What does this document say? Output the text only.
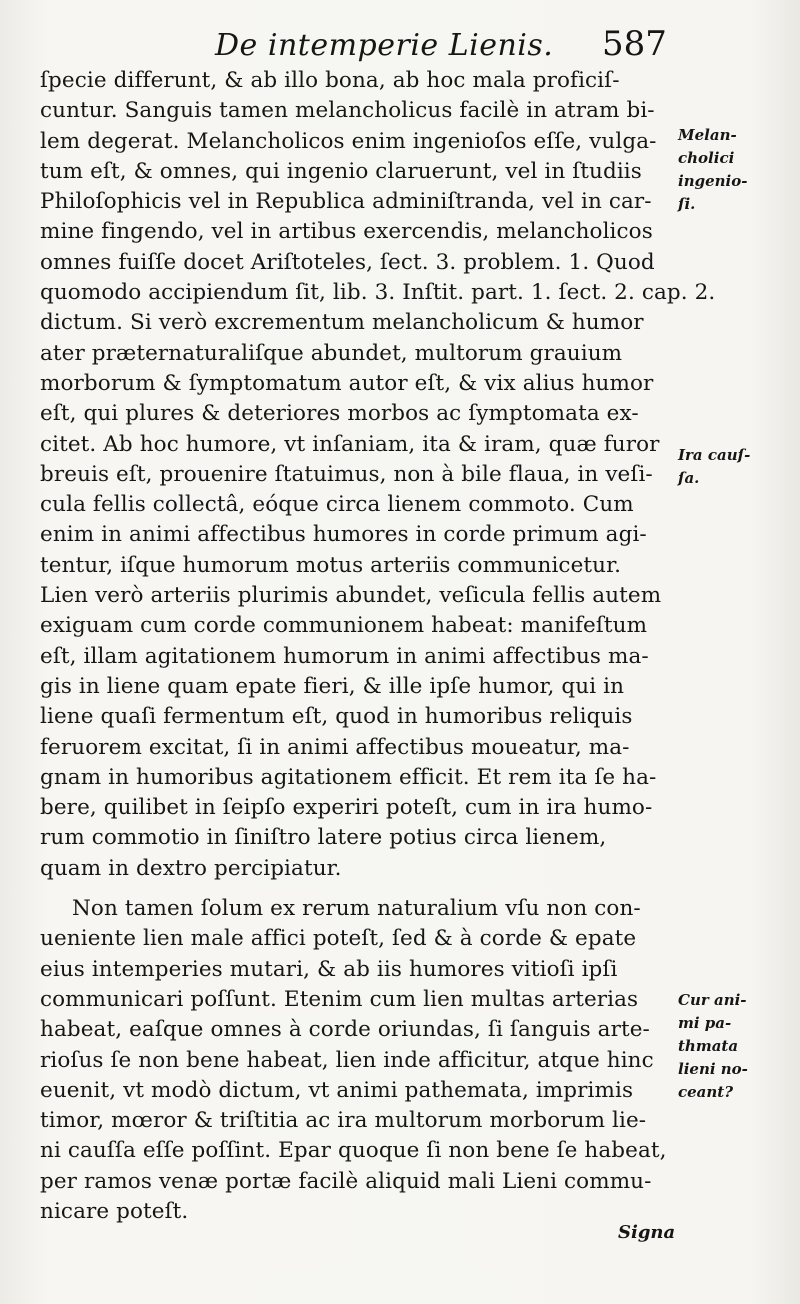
De intemperie Lienis. 587
ſpecie differunt, & ab illo bona, ab hoc mala proficiſ-
cuntur. Sanguis tamen melancholicus facilè in atram bi-
lem degerat. Melancholicos enim ingenioſos eſſe, vulga-
tum eſt, & omnes, qui ingenio claruerunt, vel in ſtudiis
Philoſophicis vel in Republica adminiſtranda, vel in car-
mine fingendo, vel in artibus exercendis, melancholicos
omnes fuiſſe docet Ariſtoteles, ſect. 3. problem. 1. Quod
quomodo accipiendum ſit, lib. 3. Inſtit. part. 1. ſect. 2. cap. 2.
dictum. Si verò excrementum melancholicum & humor
ater præternaturaliſque abundet, multorum grauium
morborum & ſymptomatum autor eſt, & vix alius humor
eſt, qui plures & deteriores morbos ac ſymptomata ex-
citet. Ab hoc humore, vt inſaniam, ita & iram, quæ furor
breuis eſt, prouenire ſtatuimus, non à bile flaua, in veſi-
cula fellis collectâ, eóque circa lienem commoto. Cum
enim in animi affectibus humores in corde primum agi-
tentur, iſque humorum motus arteriis communicetur.
Lien verò arteriis plurimis abundet, veſicula fellis autem
exiguam cum corde communionem habeat: manifeſtum
eſt, illam agitationem humorum in animi affectibus ma-
gis in liene quam epate fieri, & ille ipſe humor, qui in
liene quaſi fermentum eſt, quod in humoribus reliquis
feruorem excitat, ſi in animi affectibus moueatur, ma-
gnam in humoribus agitationem efficit. Et rem ita ſe ha-
bere, quilibet in ſeipſo experiri poteſt, cum in ira humo-
rum commotio in ſiniſtro latere potius circa lienem,
quam in dextro percipiatur.
Non tamen ſolum ex rerum naturalium vſu non con-
ueniente lien male affici poteſt, ſed & à corde & epate
eius intemperies mutari, & ab iis humores vitioſi ipſi
communicari poſſunt. Etenim cum lien multas arterias
habeat, eaſque omnes à corde oriundas, ſi ſanguis arte-
rioſus ſe non bene habeat, lien inde afficitur, atque hinc
euenit, vt modò dictum, vt animi pathemata, imprimis
timor, mœror & triſtitia ac ira multorum morborum lie-
ni cauſſa eſſe poſſint. Epar quoque ſi non bene ſe habeat,
per ramos venæ portæ facilè aliquid mali Lieni commu-
nicare poteſt.
Melan-
cholici
ingenio-
ſi.
Ira cauſ-
ſa.
Cur ani-
mi pa-
thmata
lieni no-
ceant?
Signa
